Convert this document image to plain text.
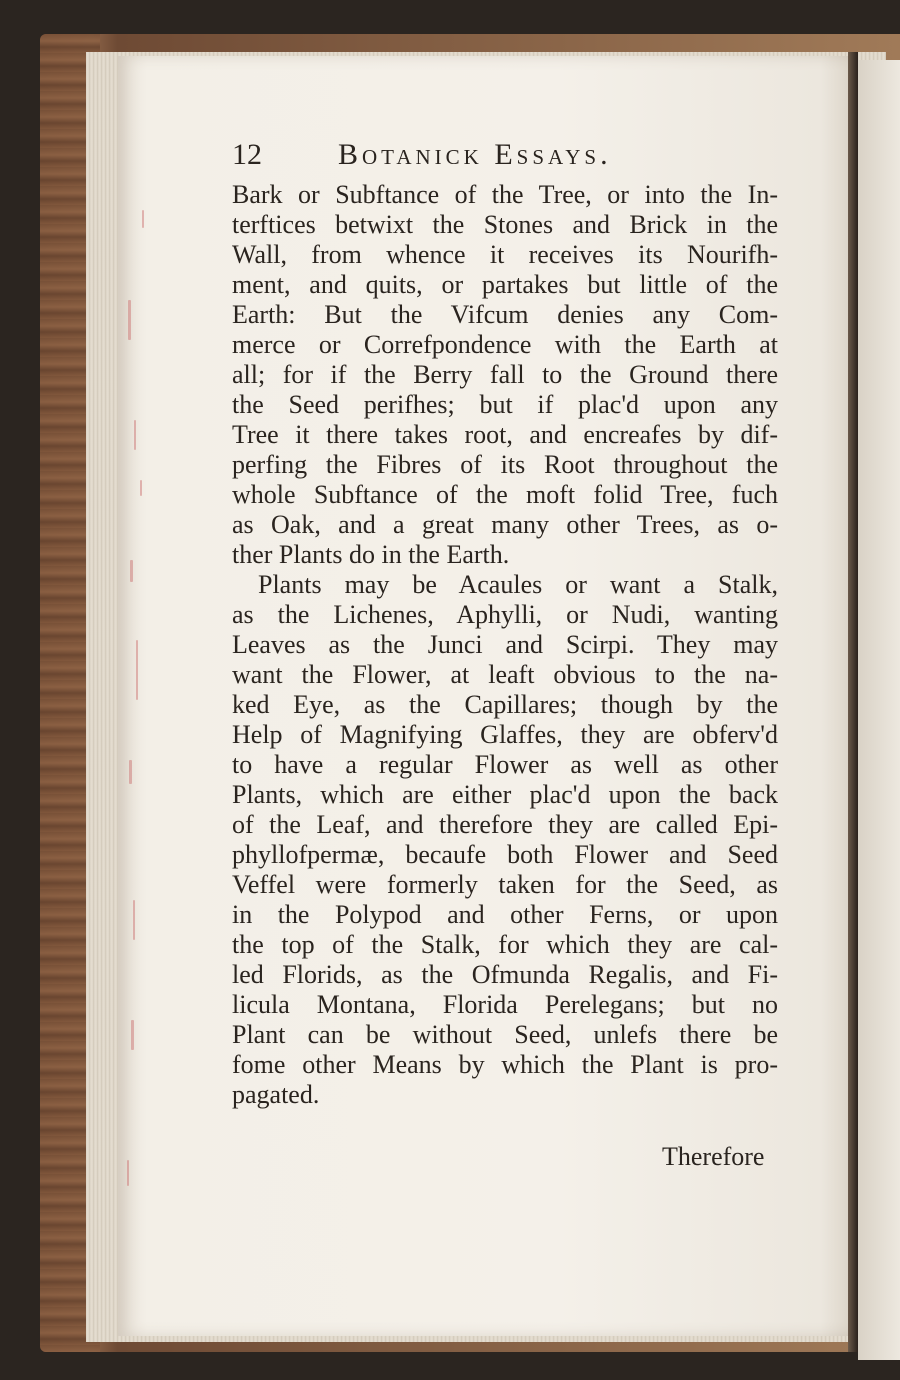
12	Botanick Essays.
Bark or Subftance of the Tree, or into the In-
terftices betwixt the Stones and Brick in the
Wall, from whence it receives its Nourifh-
ment, and quits, or partakes but little of the
Earth: But the Vifcum denies any Com-
merce or Correfpondence with the Earth at
all; for if the Berry fall to the Ground there
the Seed perifhes; but if plac'd upon any
Tree it there takes root, and encreafes by dif-
perfing the Fibres of its Root throughout the
whole Subftance of the moft folid Tree, fuch
as Oak, and a great many other Trees, as o-
ther Plants do in the Earth.
Plants may be Acaules or want a Stalk,
as the Lichenes, Aphylli, or Nudi, wanting
Leaves as the Junci and Scirpi. They may
want the Flower, at leaft obvious to the na-
ked Eye, as the Capillares; though by the
Help of Magnifying Glaffes, they are obferv'd
to have a regular Flower as well as other
Plants, which are either plac'd upon the back
of the Leaf, and therefore they are called Epi-
phyllofpermæ, becaufe both Flower and Seed
Veffel were formerly taken for the Seed, as
in the Polypod and other Ferns, or upon
the top of the Stalk, for which they are cal-
led Florids, as the Ofmunda Regalis, and Fi-
licula Montana, Florida Perelegans; but no
Plant can be without Seed, unlefs there be
fome other Means by which the Plant is pro-
pagated.
Therefore
